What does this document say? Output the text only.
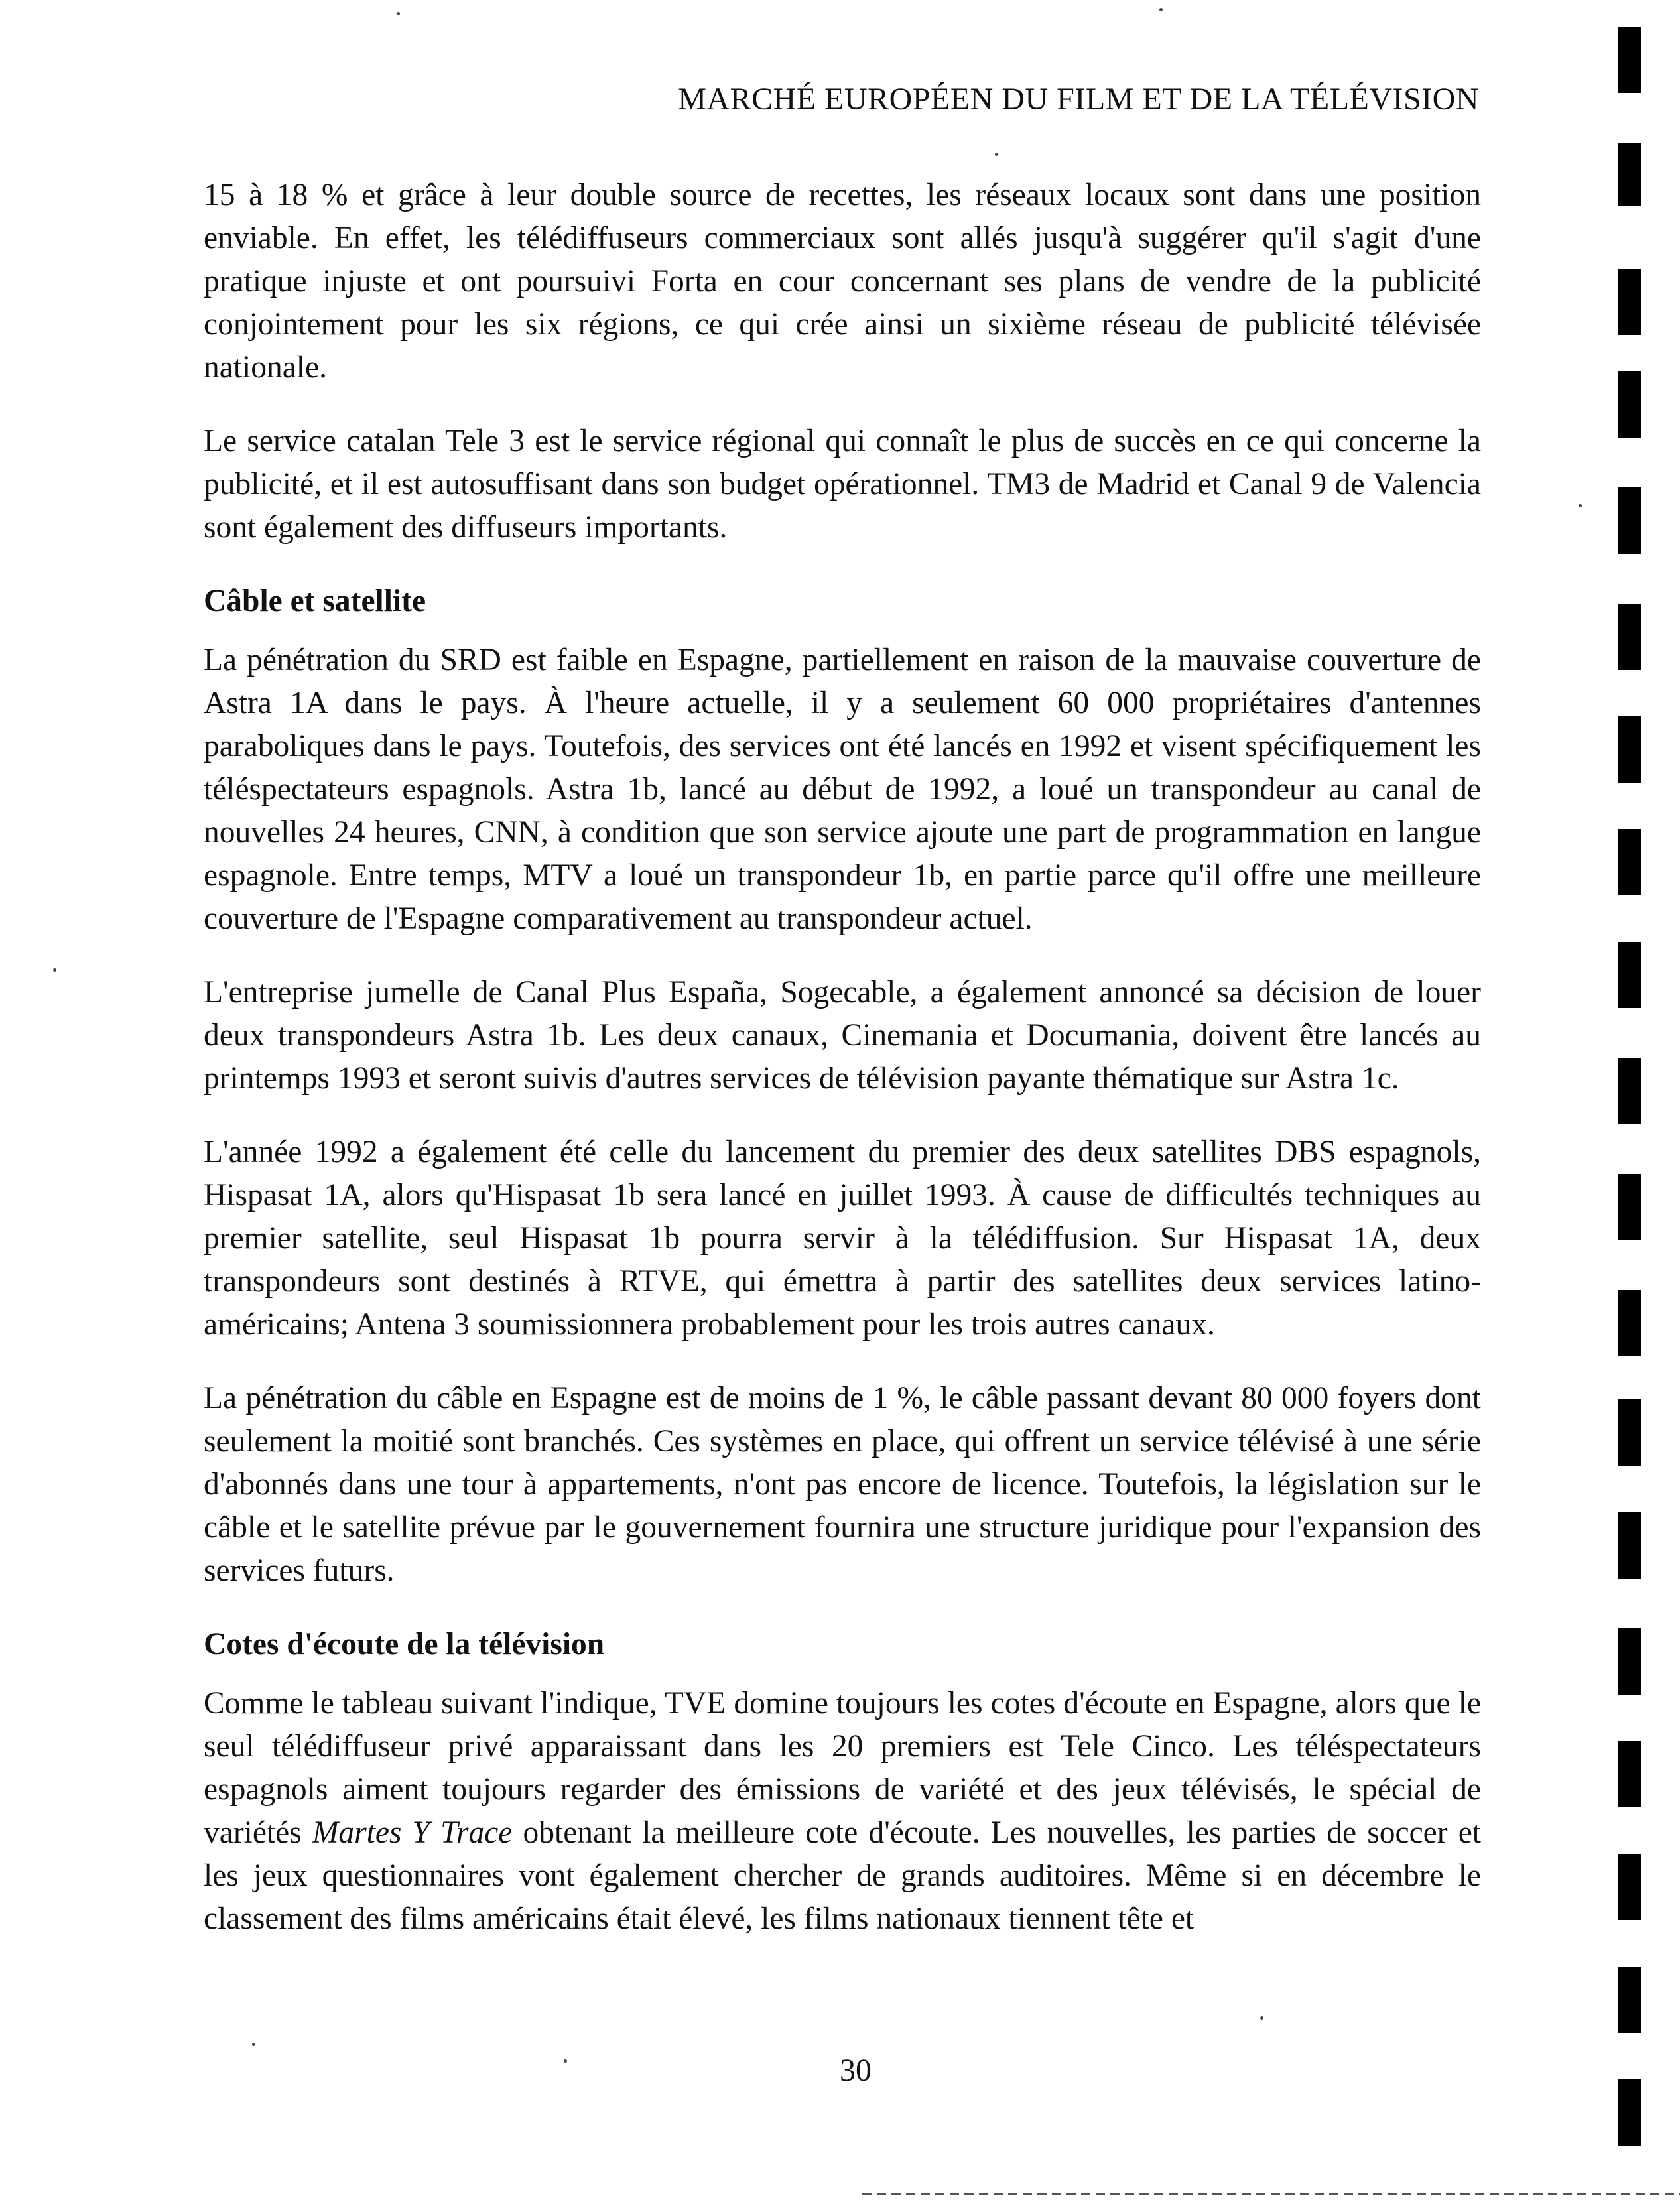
MARCHÉ EUROPÉEN DU FILM ET DE LA TÉLÉVISION

15 à 18 % et grâce à leur double source de recettes, les réseaux locaux sont dans une position enviable. En effet, les télédiffuseurs commerciaux sont allés jusqu'à suggérer qu'il s'agit d'une pratique injuste et ont poursuivi Forta en cour concernant ses plans de vendre de la publicité conjointement pour les six régions, ce qui crée ainsi un sixième réseau de publicité télévisée nationale.

Le service catalan Tele 3 est le service régional qui connaît le plus de succès en ce qui concerne la publicité, et il est autosuffisant dans son budget opérationnel. TM3 de Madrid et Canal 9 de Valencia sont également des diffuseurs importants.

Câble et satellite

La pénétration du SRD est faible en Espagne, partiellement en raison de la mauvaise couverture de Astra 1A dans le pays. À l'heure actuelle, il y a seulement 60 000 propriétaires d'antennes paraboliques dans le pays. Toutefois, des services ont été lancés en 1992 et visent spécifiquement les téléspectateurs espagnols. Astra 1b, lancé au début de 1992, a loué un transpondeur au canal de nouvelles 24 heures, CNN, à condition que son service ajoute une part de programmation en langue espagnole. Entre temps, MTV a loué un transpondeur 1b, en partie parce qu'il offre une meilleure couverture de l'Espagne comparativement au transpondeur actuel.

L'entreprise jumelle de Canal Plus España, Sogecable, a également annoncé sa décision de louer deux transpondeurs Astra 1b. Les deux canaux, Cinemania et Documania, doivent être lancés au printemps 1993 et seront suivis d'autres services de télévision payante thématique sur Astra 1c.

L'année 1992 a également été celle du lancement du premier des deux satellites DBS espagnols, Hispasat 1A, alors qu'Hispasat 1b sera lancé en juillet 1993. À cause de difficultés techniques au premier satellite, seul Hispasat 1b pourra servir à la télédiffusion. Sur Hispasat 1A, deux transpondeurs sont destinés à RTVE, qui émettra à partir des satellites deux services latino-américains; Antena 3 soumissionnera probablement pour les trois autres canaux.

La pénétration du câble en Espagne est de moins de 1 %, le câble passant devant 80 000 foyers dont seulement la moitié sont branchés. Ces systèmes en place, qui offrent un service télévisé à une série d'abonnés dans une tour à appartements, n'ont pas encore de licence. Toutefois, la législation sur le câble et le satellite prévue par le gouvernement fournira une structure juridique pour l'expansion des services futurs.

Cotes d'écoute de la télévision

Comme le tableau suivant l'indique, TVE domine toujours les cotes d'écoute en Espagne, alors que le seul télédiffuseur privé apparaissant dans les 20 premiers est Tele Cinco. Les téléspectateurs espagnols aiment toujours regarder des émissions de variété et des jeux télévisés, le spécial de variétés Martes Y Trace obtenant la meilleure cote d'écoute. Les nouvelles, les parties de soccer et les jeux questionnaires vont également chercher de grands auditoires. Même si en décembre le classement des films américains était élevé, les films nationaux tiennent tête et

30
